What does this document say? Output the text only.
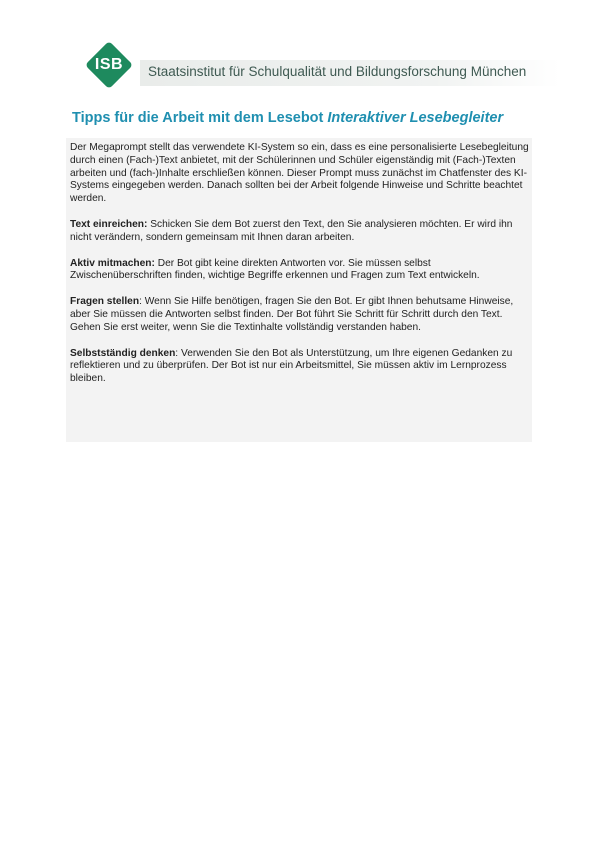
ISB	Staatsinstitut für Schulqualität und Bildungsforschung München
Tipps für die Arbeit mit dem Lesebot Interaktiver Lesebegleiter

Der Megaprompt stellt das verwendete KI-System so ein, dass es eine personalisierte Lesebegleitung durch einen (Fach-)Text anbietet, mit der Schülerinnen und Schüler eigenständig mit (Fach-)Texten arbeiten und (fach-)Inhalte erschließen können. Dieser Prompt muss zunächst im Chatfenster des KI-Systems eingegeben werden. Danach sollten bei der Arbeit folgende Hinweise und Schritte beachtet werden.

Text einreichen: Schicken Sie dem Bot zuerst den Text, den Sie analysieren möchten. Er wird ihn nicht verändern, sondern gemeinsam mit Ihnen daran arbeiten.

Aktiv mitmachen: Der Bot gibt keine direkten Antworten vor. Sie müssen selbst Zwischenüberschriften finden, wichtige Begriffe erkennen und Fragen zum Text entwickeln.

Fragen stellen: Wenn Sie Hilfe benötigen, fragen Sie den Bot. Er gibt Ihnen behutsame Hinweise, aber Sie müssen die Antworten selbst finden. Der Bot führt Sie Schritt für Schritt durch den Text. Gehen Sie erst weiter, wenn Sie die Textinhalte vollständig verstanden haben.

Selbstständig denken: Verwenden Sie den Bot als Unterstützung, um Ihre eigenen Gedanken zu reflektieren und zu überprüfen. Der Bot ist nur ein Arbeitsmittel, Sie müssen aktiv im Lernprozess bleiben.
